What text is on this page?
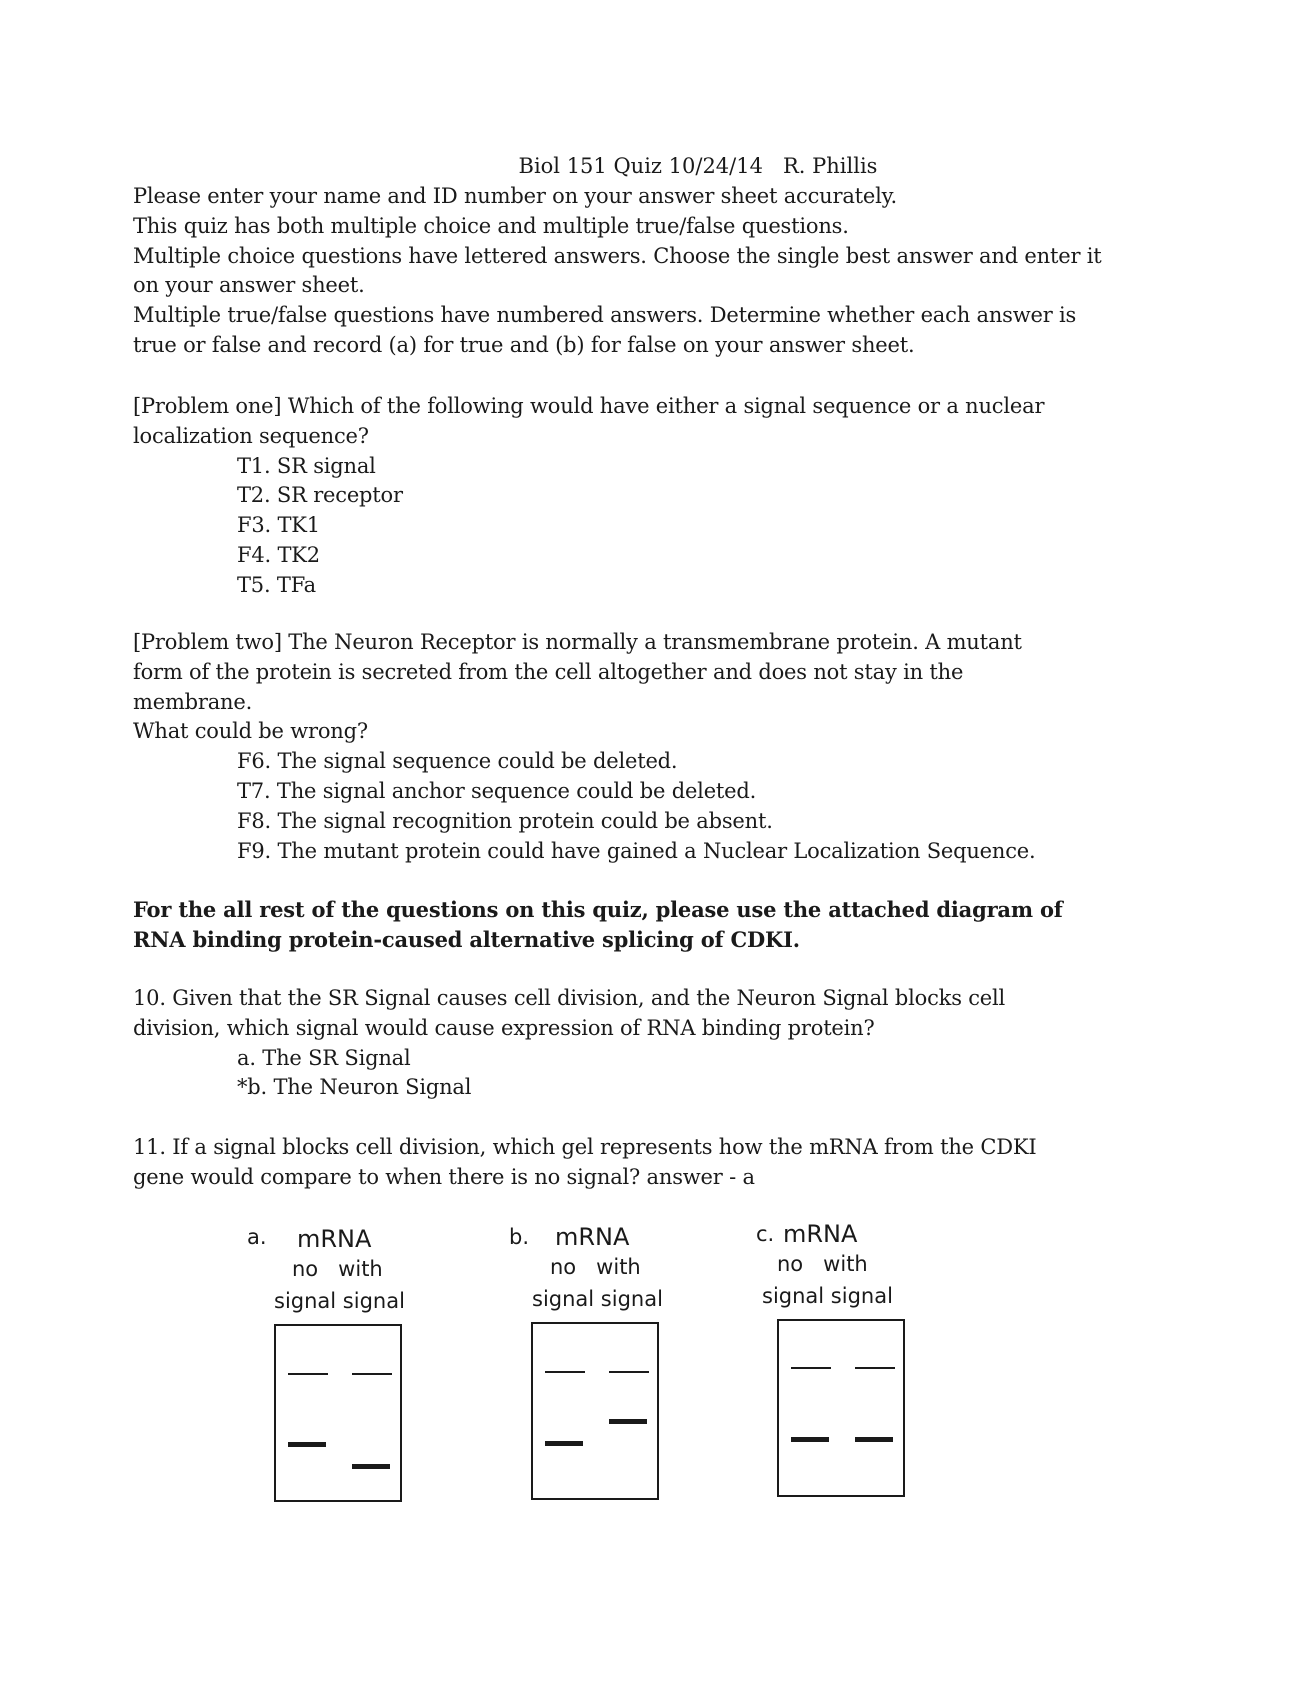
Biol 151 Quiz 10/24/14   R. Phillis
Please enter your name and ID number on your answer sheet accurately.
This quiz has both multiple choice and multiple true/false questions.
Multiple choice questions have lettered answers. Choose the single best answer and enter it
on your answer sheet.
Multiple true/false questions have numbered answers. Determine whether each answer is
true or false and record (a) for true and (b) for false on your answer sheet.
[Problem one] Which of the following would have either a signal sequence or a nuclear
localization sequence?
T1. SR signal
T2. SR receptor
F3. TK1
F4. TK2
T5. TFa
[Problem two] The Neuron Receptor is normally a transmembrane protein. A mutant
form of the protein is secreted from the cell altogether and does not stay in the
membrane.
What could be wrong?
F6. The signal sequence could be deleted.
T7. The signal anchor sequence could be deleted.
F8. The signal recognition protein could be absent.
F9. The mutant protein could have gained a Nuclear Localization Sequence.
For the all rest of the questions on this quiz, please use the attached diagram of
RNA binding protein-caused alternative splicing of CDKI.
10. Given that the SR Signal causes cell division, and the Neuron Signal blocks cell
division, which signal would cause expression of RNA binding protein?
a. The SR Signal
*b. The Neuron Signal
11. If a signal blocks cell division, which gel represents how the mRNA from the CDKI
gene would compare to when there is no signal? answer - a
a. mRNA
no   with
signal signal
b. mRNA
no   with
signal signal
c. mRNA
no   with
signal signal
